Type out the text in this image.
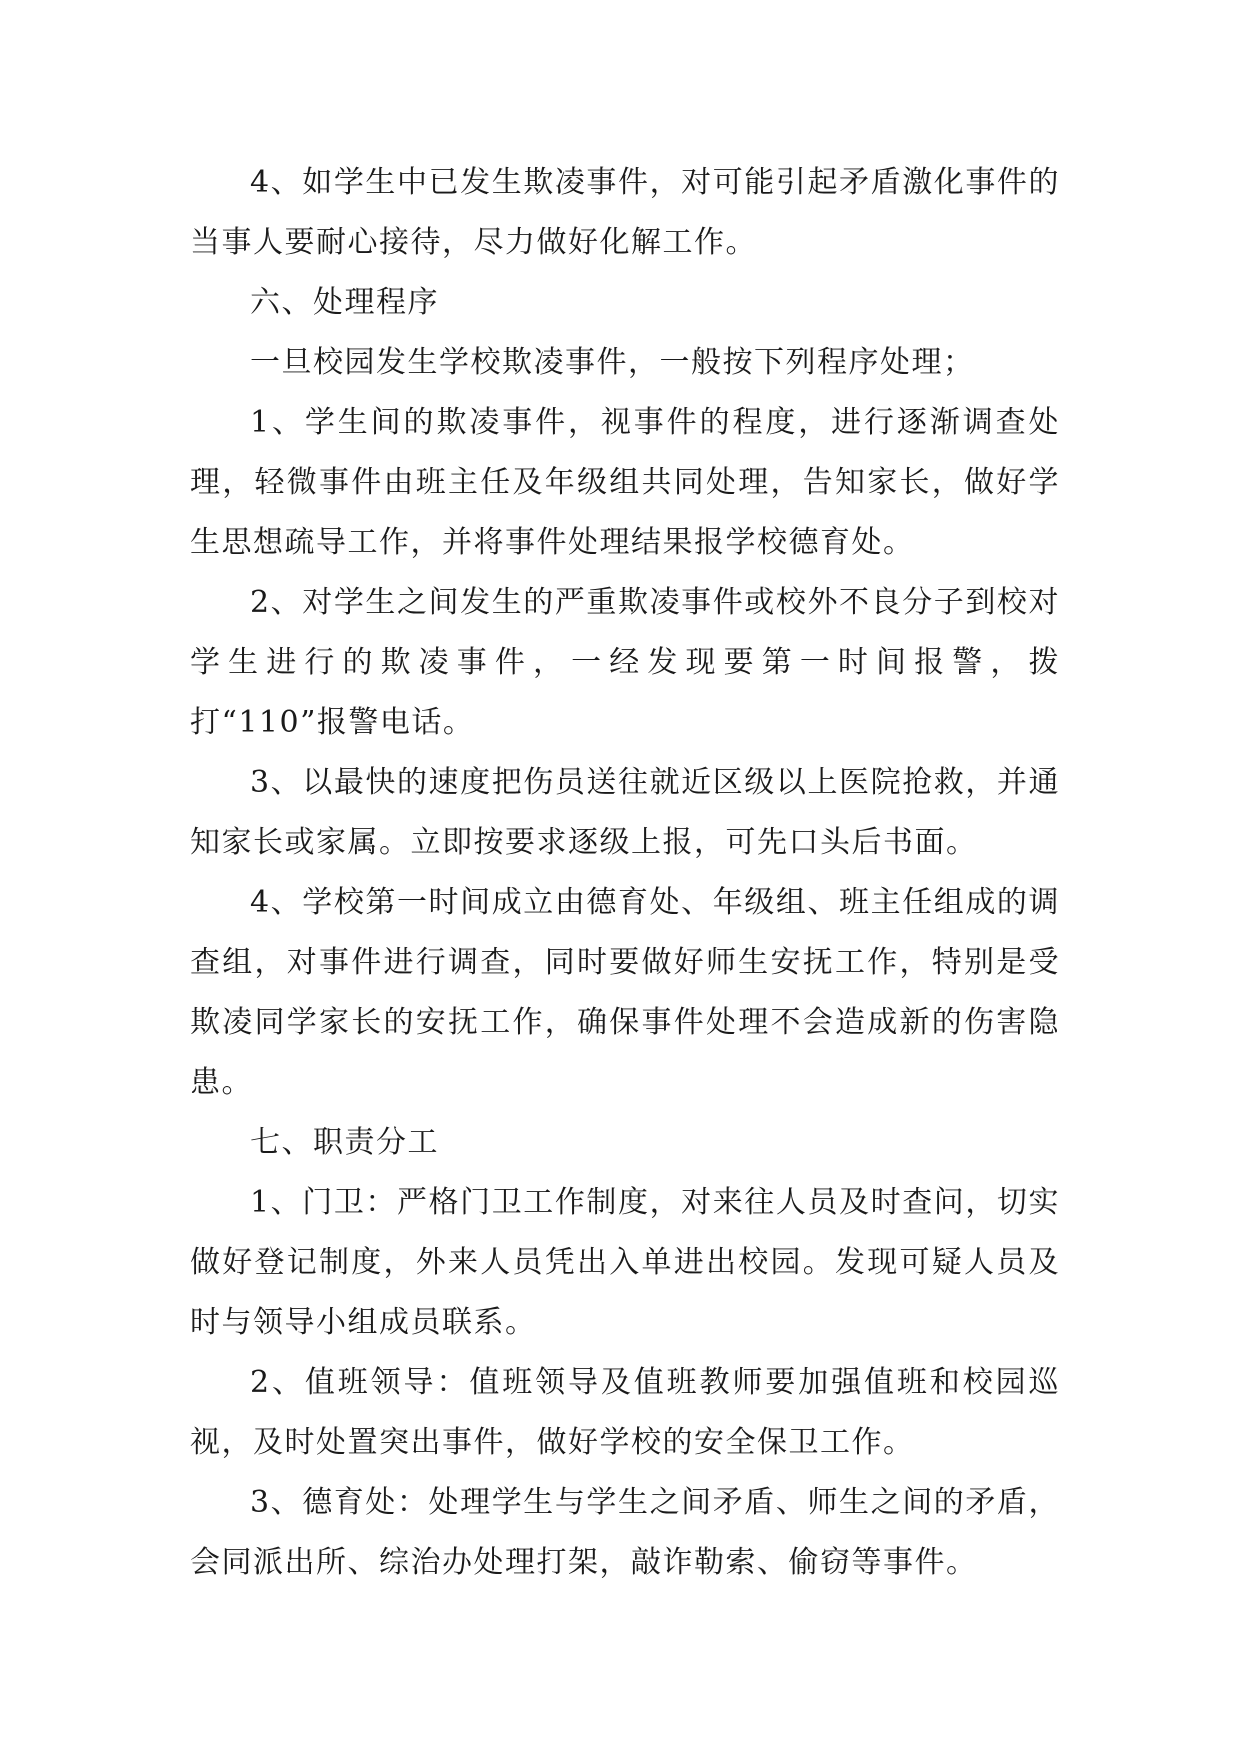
4、如学生中已发生欺凌事件，对可能引起矛盾激化事件的当事人要耐心接待，尽力做好化解工作。

六、处理程序

一旦校园发生学校欺凌事件，一般按下列程序处理；

1、学生间的欺凌事件，视事件的程度，进行逐渐调查处理，轻微事件由班主任及年级组共同处理，告知家长，做好学生思想疏导工作，并将事件处理结果报学校德育处。

2、对学生之间发生的严重欺凌事件或校外不良分子到校对学生进行的欺凌事件，一经发现要第一时间报警，拨打“110”报警电话。

3、以最快的速度把伤员送往就近区级以上医院抢救，并通知家长或家属。立即按要求逐级上报，可先口头后书面。

4、学校第一时间成立由德育处、年级组、班主任组成的调查组，对事件进行调查，同时要做好师生安抚工作，特别是受欺凌同学家长的安抚工作，确保事件处理不会造成新的伤害隐患。

七、职责分工

1、门卫：严格门卫工作制度，对来往人员及时查问，切实做好登记制度，外来人员凭出入单进出校园。发现可疑人员及时与领导小组成员联系。

2、值班领导：值班领导及值班教师要加强值班和校园巡视，及时处置突出事件，做好学校的安全保卫工作。

3、德育处：处理学生与学生之间矛盾、师生之间的矛盾，会同派出所、综治办处理打架，敲诈勒索、偷窃等事件。
